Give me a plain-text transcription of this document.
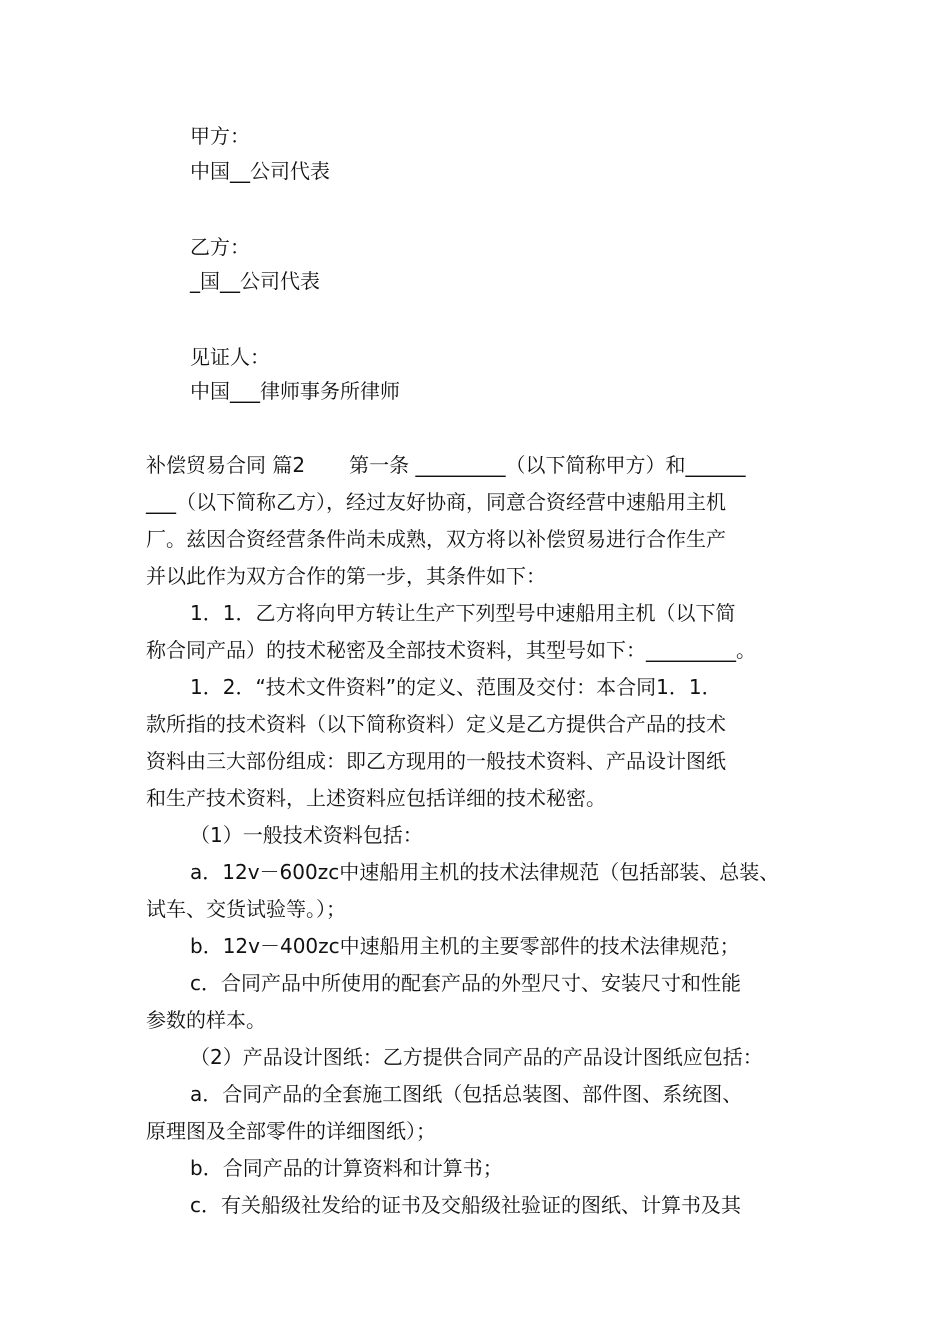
甲方：
中国__公司代表
乙方：
_国__公司代表
见证人：
中国___律师事务所律师
补偿贸易合同 篇2 第一条 _________（以下简称甲方）和______
___（以下简称乙方），经过友好协商，同意合资经营中速船用主机
厂。兹因合资经营条件尚未成熟，双方将以补偿贸易进行合作生产
并以此作为双方合作的第一步，其条件如下：
1．1．乙方将向甲方转让生产下列型号中速船用主机（以下简
称合同产品）的技术秘密及全部技术资料，其型号如下：_________。
1．2．“技术文件资料”的定义、范围及交付：本合同1．1．
款所指的技术资料（以下简称资料）定义是乙方提供合产品的技术
资料由三大部份组成：即乙方现用的一般技术资料、产品设计图纸
和生产技术资料，上述资料应包括详细的技术秘密。
（1）一般技术资料包括：
a．12v－600zc中速船用主机的技术法律规范（包括部装、总装、
试车、交货试验等。）；
b．12v－400zc中速船用主机的主要零部件的技术法律规范；
c．合同产品中所使用的配套产品的外型尺寸、安装尺寸和性能
参数的样本。
（2）产品设计图纸：乙方提供合同产品的产品设计图纸应包括：
a．合同产品的全套施工图纸（包括总装图、部件图、系统图、
原理图及全部零件的详细图纸）；
b．合同产品的计算资料和计算书；
c．有关船级社发给的证书及交船级社验证的图纸、计算书及其
